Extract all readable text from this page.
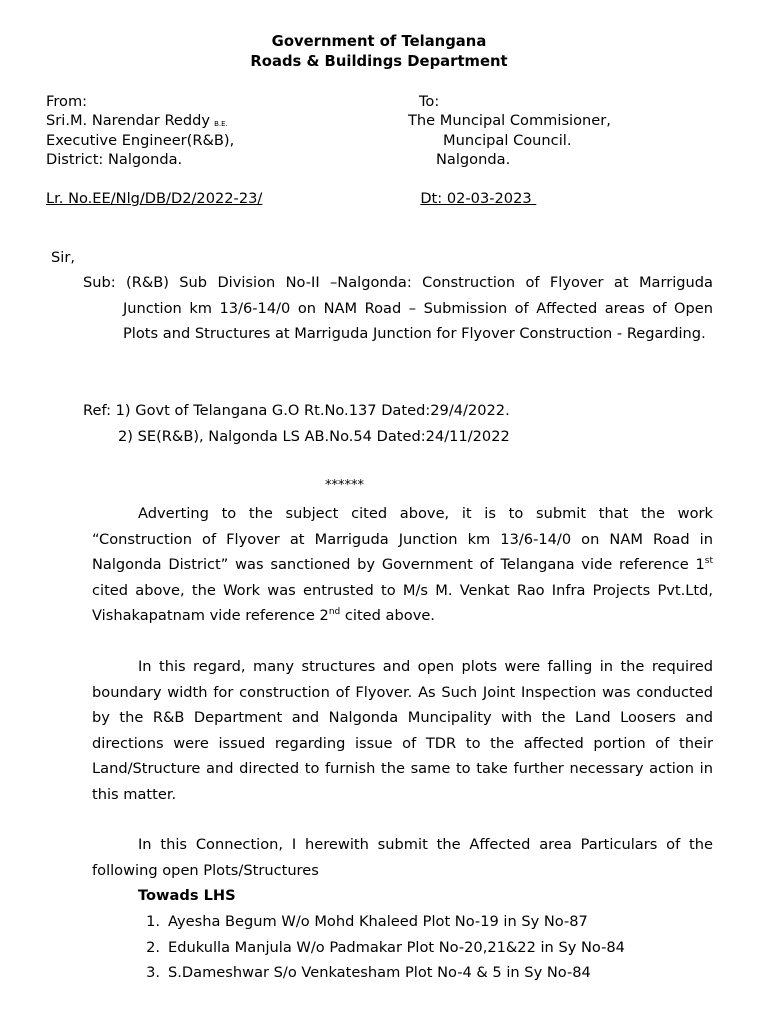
Government of Telangana
Roads & Buildings Department
From:
Sri.M. Narendar Reddy B.E.
Executive Engineer(R&B),
District: Nalgonda.
To:
The Muncipal Commisioner,
Muncipal Council.
Nalgonda.
Lr. No.EE/Nlg/DB/D2/2022-23/	Dt: 02-03-2023
Sir,
Sub: (R&B) Sub Division No-II –Nalgonda: Construction of Flyover at Marriguda Junction km 13/6-14/0 on NAM Road – Submission of Affected areas of Open Plots and Structures at Marriguda Junction for Flyover Construction - Regarding.
Ref: 1) Govt of Telangana G.O Rt.No.137 Dated:29/4/2022.
2) SE(R&B), Nalgonda LS AB.No.54 Dated:24/11/2022
******
Adverting to the subject cited above, it is to submit that the work “Construction of Flyover at Marriguda Junction km 13/6-14/0 on NAM Road in Nalgonda District” was sanctioned by Government of Telangana vide reference 1st cited above, the Work was entrusted to M/s M. Venkat Rao Infra Projects Pvt.Ltd, Vishakapatnam vide reference 2nd cited above.
In this regard, many structures and open plots were falling in the required boundary width for construction of Flyover. As Such Joint Inspection was conducted by the R&B Department and Nalgonda Muncipality with the Land Loosers and directions were issued regarding issue of TDR to the affected portion of their Land/Structure and directed to furnish the same to take further necessary action in this matter.
In this Connection, I herewith submit the Affected area Particulars of the following open Plots/Structures
Towads LHS
1. Ayesha Begum W/o Mohd Khaleed Plot No-19 in Sy No-87
2. Edukulla Manjula W/o Padmakar Plot No-20,21&22 in Sy No-84
3. S.Dameshwar S/o Venkatesham Plot No-4 & 5 in Sy No-84
